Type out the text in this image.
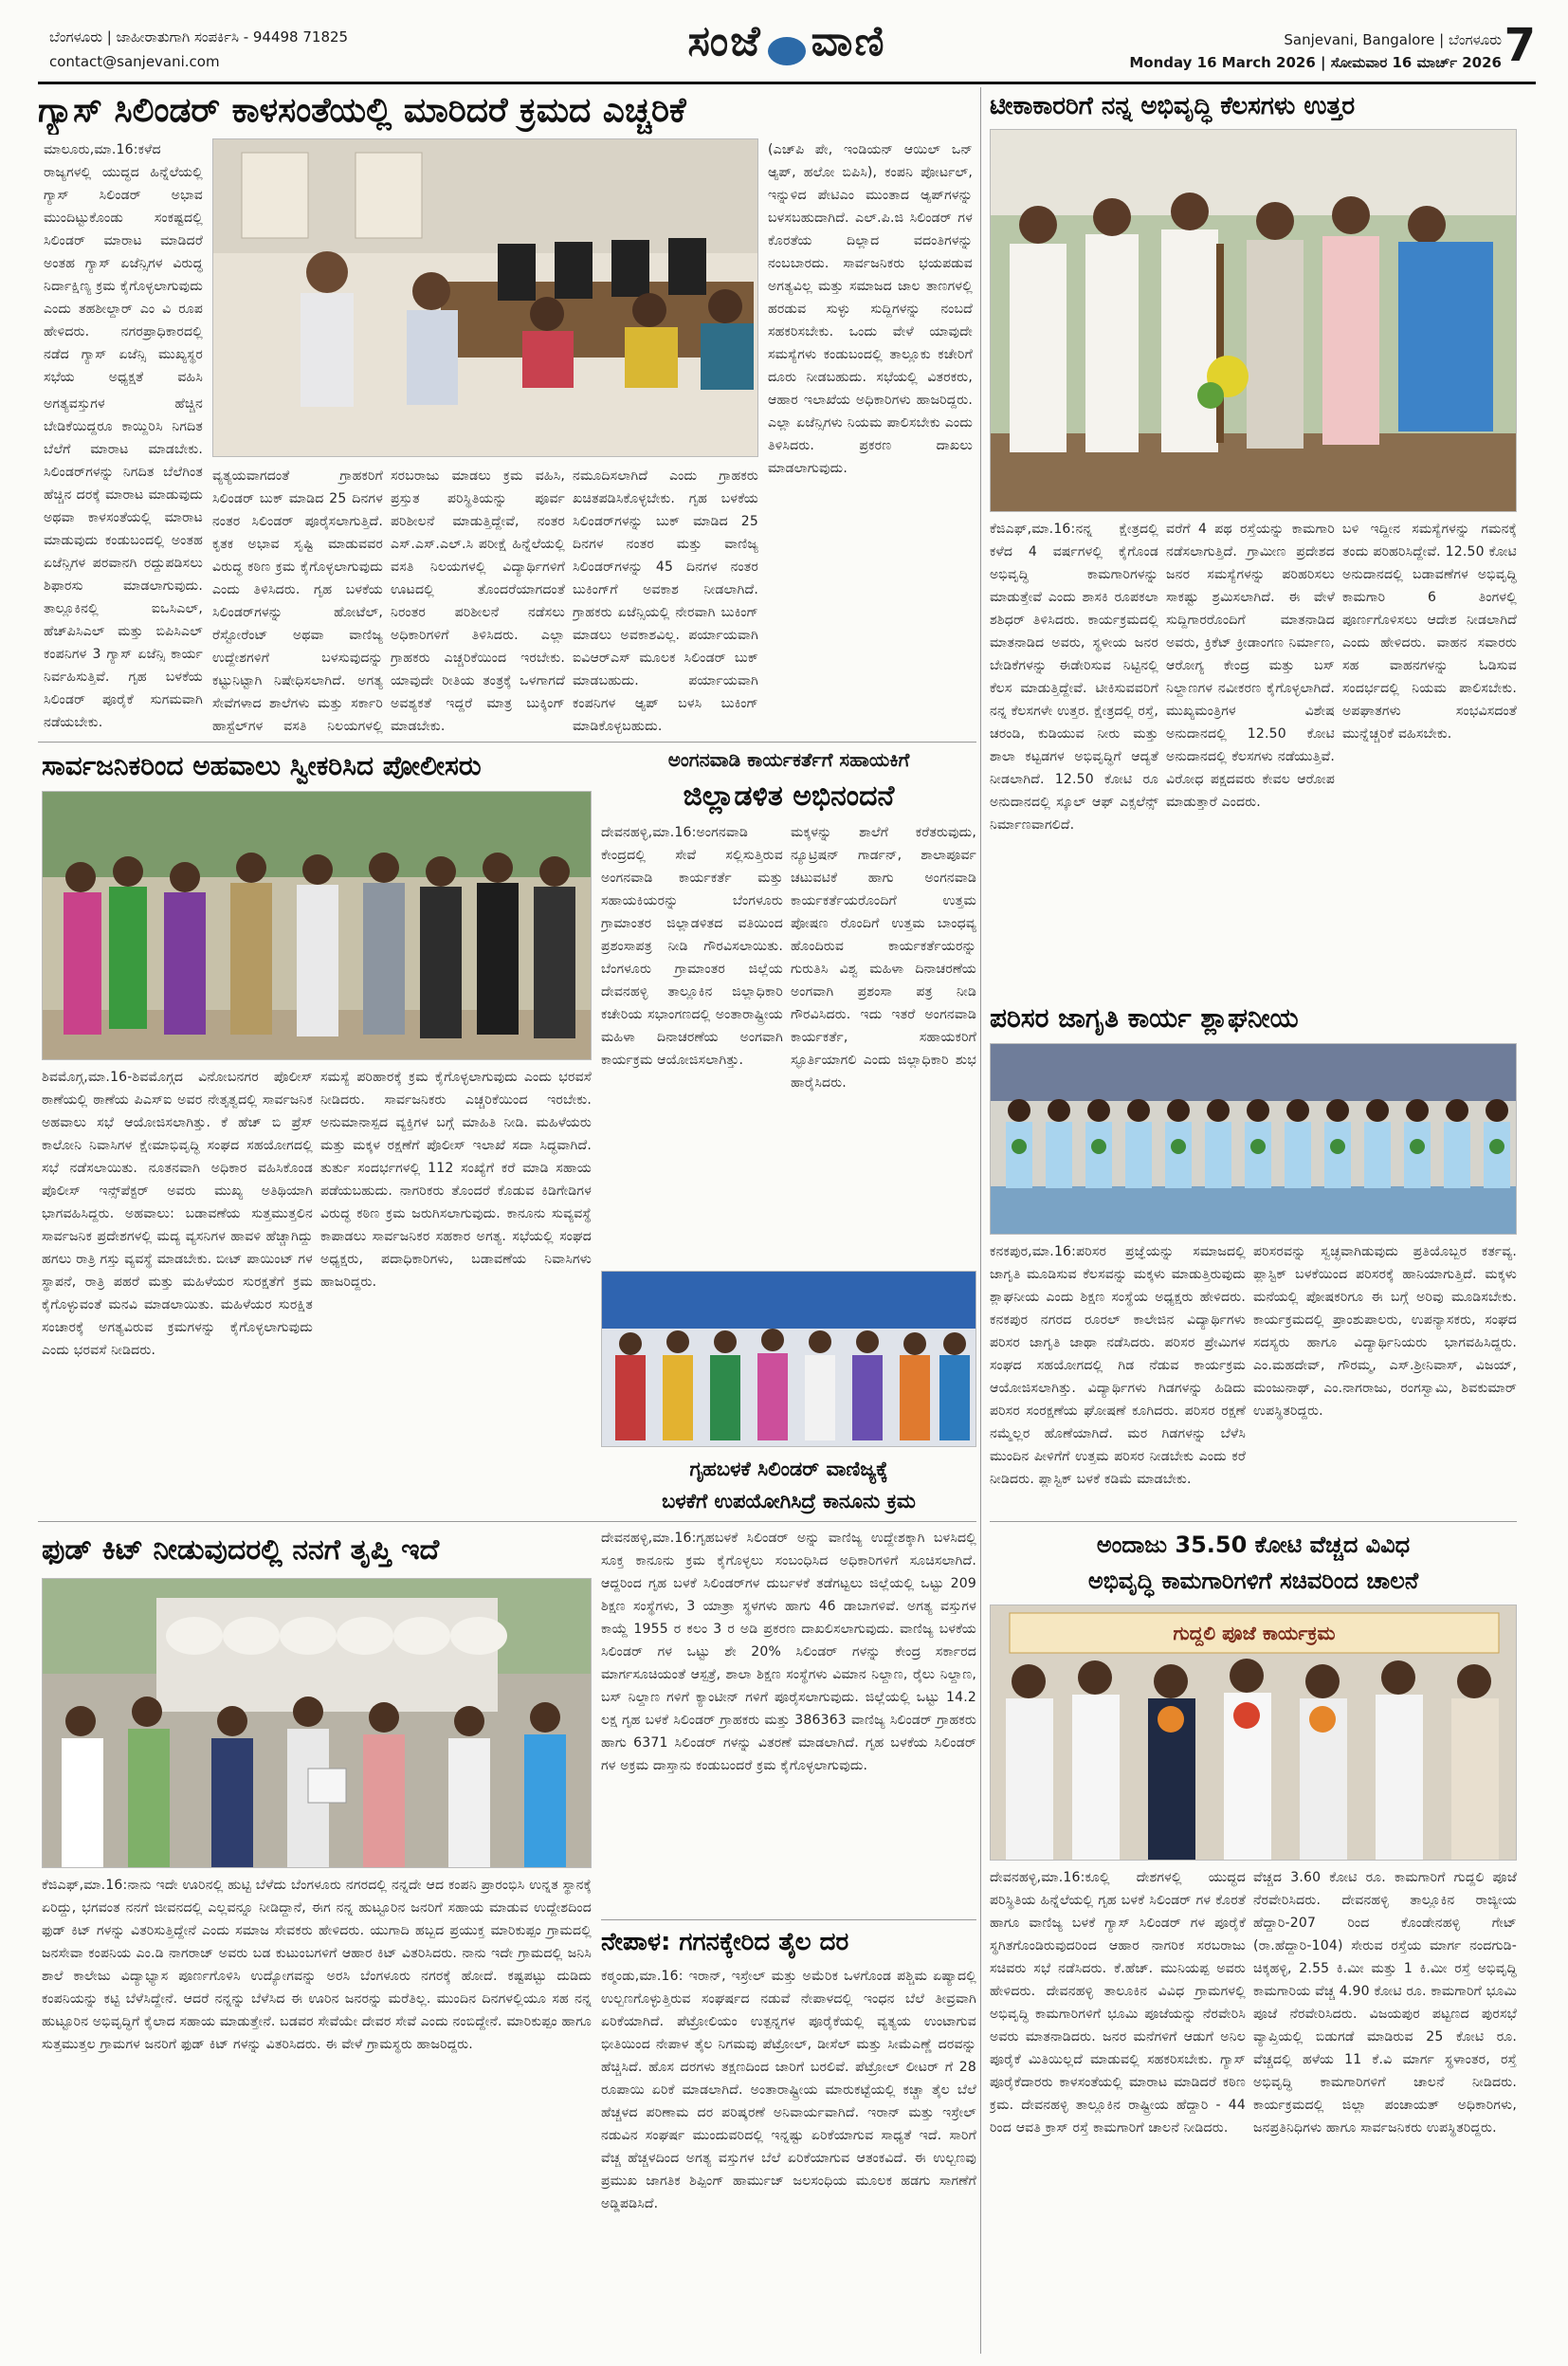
ಬೆಂಗಳೂರು | ಜಾಹೀರಾತುಗಾಗಿ ಸಂಪರ್ಕಿಸಿ - 94498 71825
contact@sanjevani.com	ಸಂಜೆ ವಾಣಿ	Sanjevani, Bangalore | ಬೆಂಗಳೂರು
Monday 16 March 2026 | ಸೋಮವಾರ 16 ಮಾರ್ಚ್ 2026 7
ಗ್ಯಾಸ್ ಸಿಲಿಂಡರ್ ಕಾಳಸಂತೆಯಲ್ಲಿ ಮಾರಿದರೆ ಕ್ರಮದ ಎಚ್ಚರಿಕೆ
ಮಾಲೂರು,ಮಾ.16:ಕಳೆದ ರಾಜ್ಯಗಳಲ್ಲಿ ಯುದ್ಧದ ಹಿನ್ನೆಲೆಯಲ್ಲಿ ಗ್ಯಾಸ್ ಸಿಲಿಂಡರ್ ಅಭಾವ ಮುಂದಿಟ್ಟುಕೊಂಡು ಸಂಕಷ್ಟದಲ್ಲಿ ಸಿಲಿಂಡರ್ ಮಾರಾಟ ಮಾಡಿದರೆ ಅಂತಹ ಗ್ಯಾಸ್ ಏಜೆನ್ಸಿಗಳ ವಿರುದ್ಧ ನಿರ್ದಾಕ್ಷಿಣ್ಯ ಕ್ರಮ ಕೈಗೊಳ್ಳಲಾಗುವುದು ಎಂದು ತಹಶೀಲ್ದಾರ್ ಎಂ ವಿ ರೂಪ ಹೇಳಿದರು. ನಗರಪ್ರಾಧಿಕಾರದಲ್ಲಿ ನಡೆದ ಗ್ಯಾಸ್ ಏಜೆನ್ಸಿ ಮುಖ್ಯಸ್ಥರ ಸಭೆಯ ಅಧ್ಯಕ್ಷತೆ ವಹಿಸಿ
ಅಗತ್ಯವಸ್ತುಗಳ ಹೆಚ್ಚಿನ ಬೇಡಿಕೆಯಿದ್ದರೂ ಕಾಯ್ದಿರಿಸಿ ನಿಗದಿತ ಬೆಲೆಗೆ ಮಾರಾಟ ಮಾಡಬೇಕು. ಸಿಲಿಂಡರ್‌ಗಳನ್ನು ನಿಗದಿತ ಬೆಲೆಗಿಂತ ಹೆಚ್ಚಿನ ದರಕ್ಕೆ ಮಾರಾಟ ಮಾಡುವುದು ಅಥವಾ ಕಾಳಸಂತೆಯಲ್ಲಿ ಮಾರಾಟ ಮಾಡುವುದು ಕಂಡುಬಂದಲ್ಲಿ ಅಂತಹ ಏಜೆನ್ಸಿಗಳ ಪರವಾನಗಿ ರದ್ದುಪಡಿಸಲು ಶಿಫಾರಸು ಮಾಡಲಾಗುವುದು. ತಾಲ್ಲೂಕಿನಲ್ಲಿ ಐಒಸಿಎಲ್, ಹೆಚ್‌ಪಿಸಿಎಲ್ ಮತ್ತು ಬಿಪಿಸಿಎಲ್ ಕಂಪನಿಗಳ 3 ಗ್ಯಾಸ್ ಏಜೆನ್ಸಿ ಕಾರ್ಯ ನಿರ್ವಹಿಸುತ್ತಿವೆ. ಗೃಹ ಬಳಕೆಯ ಸಿಲಿಂಡರ್ ಪೂರೈಕೆ ಸುಗಮವಾಗಿ ನಡೆಯಬೇಕು.
ವ್ಯತ್ಯಯವಾಗದಂತೆ ಗ್ರಾಹಕರಿಗೆ ಸಿಲಿಂಡರ್ ಬುಕ್ ಮಾಡಿದ 25 ದಿನಗಳ ನಂತರ ಸಿಲಿಂಡರ್ ಪೂರೈಸಲಾಗುತ್ತಿದೆ. ಕೃತಕ ಅಭಾವ ಸೃಷ್ಟಿ ಮಾಡುವವರ ವಿರುದ್ಧ ಕಠಿಣ ಕ್ರಮ ಕೈಗೊಳ್ಳಲಾಗುವುದು ಎಂದು ತಿಳಿಸಿದರು. ಗೃಹ ಬಳಕೆಯ ಸಿಲಿಂಡರ್‌ಗಳನ್ನು ಹೋಟೆಲ್, ರೆಸ್ಟೋರೆಂಟ್ ಅಥವಾ ವಾಣಿಜ್ಯ ಉದ್ದೇಶಗಳಿಗೆ ಬಳಸುವುದನ್ನು ಕಟ್ಟುನಿಟ್ಟಾಗಿ ನಿಷೇಧಿಸಲಾಗಿದೆ. ಅಗತ್ಯ ಸೇವೆಗಳಾದ ಶಾಲೆಗಳು ಮತ್ತು ಸರ್ಕಾರಿ ಹಾಸ್ಟೆಲ್‌ಗಳ ವಸತಿ ನಿಲಯಗಳಲ್ಲಿ
ಸರಬರಾಜು ಮಾಡಲು ಕ್ರಮ ವಹಿಸಿ, ಪ್ರಸ್ತುತ ಪರಿಸ್ಥಿತಿಯನ್ನು ಪೂರ್ವ ಪರಿಶೀಲನೆ ಮಾಡುತ್ತಿದ್ದೇವೆ, ನಂತರ ಎಸ್.ಎಸ್.ಎಲ್.ಸಿ ಪರೀಕ್ಷೆ ಹಿನ್ನೆಲೆಯಲ್ಲಿ ವಸತಿ ನಿಲಯಗಳಲ್ಲಿ ವಿದ್ಯಾರ್ಥಿಗಳಿಗೆ ಊಟದಲ್ಲಿ ತೊಂದರೆಯಾಗದಂತೆ ನಿರಂತರ ಪರಿಶೀಲನೆ ನಡೆಸಲು ಅಧಿಕಾರಿಗಳಿಗೆ ತಿಳಿಸಿದರು. ಎಲ್ಲಾ ಗ್ರಾಹಕರು ಎಚ್ಚರಿಕೆಯಿಂದ ಇರಬೇಕು. ಯಾವುದೇ ರೀತಿಯ ತಂತ್ರಕ್ಕೆ ಒಳಗಾಗದೆ ಅವಶ್ಯಕತೆ ಇದ್ದರೆ ಮಾತ್ರ ಬುಕ್ಕಿಂಗ್ ಮಾಡಬೇಕು.
ನಮೂದಿಸಲಾಗಿದೆ ಎಂದು ಗ್ರಾಹಕರು ಖಚಿತಪಡಿಸಿಕೊಳ್ಳಬೇಕು. ಗೃಹ ಬಳಕೆಯ ಸಿಲಿಂಡರ್‌ಗಳನ್ನು ಬುಕ್ ಮಾಡಿದ 25 ದಿನಗಳ ನಂತರ ಮತ್ತು ವಾಣಿಜ್ಯ ಸಿಲಿಂಡರ್‌ಗಳನ್ನು 45 ದಿನಗಳ ನಂತರ ಬುಕಿಂಗ್‌ಗೆ ಅವಕಾಶ ನೀಡಲಾಗಿದೆ. ಗ್ರಾಹಕರು ಏಜೆನ್ಸಿಯಲ್ಲಿ ನೇರವಾಗಿ ಬುಕಿಂಗ್ ಮಾಡಲು ಅವಕಾಶವಿಲ್ಲ. ಪರ್ಯಾಯವಾಗಿ ಐವಿಆರ್‌ಎಸ್ ಮೂಲಕ ಸಿಲಿಂಡರ್ ಬುಕ್ ಮಾಡಬಹುದು. ಪರ್ಯಾಯವಾಗಿ ಕಂಪನಿಗಳ ಆ್ಯಪ್ ಬಳಸಿ ಬುಕಿಂಗ್ ಮಾಡಿಕೊಳ್ಳಬಹುದು.
(ಎಚ್‌ಪಿ ಪೇ, ಇಂಡಿಯನ್ ಆಯಿಲ್ ಒನ್ ಆ್ಯಪ್, ಹಲೋ ಬಿಪಿಸಿ), ಕಂಪನಿ ಪೋರ್ಟಲ್, ಇನ್ನುಳಿದ ಪೇಟಿಎಂ ಮುಂತಾದ ಆ್ಯಪ್‌ಗಳನ್ನು ಬಳಸಬಹುದಾಗಿದೆ. ಎಲ್.ಪಿ.ಜಿ ಸಿಲಿಂಡರ್ ಗಳ ಕೊರತೆಯ ದಿಲ್ಲಾದ ವದಂತಿಗಳನ್ನು ನಂಬಬಾರದು. ಸಾರ್ವಜನಿಕರು ಭಯಪಡುವ ಅಗತ್ಯವಿಲ್ಲ ಮತ್ತು ಸಮಾಜದ ಜಾಲ ತಾಣಗಳಲ್ಲಿ ಹರಡುವ ಸುಳ್ಳು ಸುದ್ದಿಗಳನ್ನು ನಂಬದೆ ಸಹಕರಿಸಬೇಕು. ಒಂದು ವೇಳೆ ಯಾವುದೇ ಸಮಸ್ಯೆಗಳು ಕಂಡುಬಂದಲ್ಲಿ ತಾಲ್ಲೂಕು ಕಚೇರಿಗೆ ದೂರು ನೀಡಬಹುದು. ಸಭೆಯಲ್ಲಿ ವಿತರಕರು, ಆಹಾರ ಇಲಾಖೆಯ ಅಧಿಕಾರಿಗಳು ಹಾಜರಿದ್ದರು. ಎಲ್ಲಾ ಏಜೆನ್ಸಿಗಳು ನಿಯಮ ಪಾಲಿಸಬೇಕು ಎಂದು ತಿಳಿಸಿದರು. ಪ್ರಕರಣ ದಾಖಲು ಮಾಡಲಾಗುವುದು.
ಟೀಕಾಕಾರರಿಗೆ ನನ್ನ ಅಭಿವೃದ್ಧಿ ಕೆಲಸಗಳು ಉತ್ತರ
ಕೆಜಿಎಫ್,ಮಾ.16:ನನ್ನ ಕ್ಷೇತ್ರದಲ್ಲಿ ಕಳೆದ 4 ವರ್ಷಗಳಲ್ಲಿ ಕೈಗೊಂಡ ಅಭಿವೃದ್ಧಿ ಕಾಮಗಾರಿಗಳನ್ನು ಮಾಡುತ್ತೇವೆ ಎಂದು ಶಾಸಕಿ ರೂಪಕಲಾ ಶಶಿಧರ್ ತಿಳಿಸಿದರು. ಕಾರ್ಯಕ್ರಮದಲ್ಲಿ ಮಾತನಾಡಿದ ಅವರು, ಸ್ಥಳೀಯ ಜನರ ಬೇಡಿಕೆಗಳನ್ನು ಈಡೇರಿಸುವ ನಿಟ್ಟಿನಲ್ಲಿ ಕೆಲಸ ಮಾಡುತ್ತಿದ್ದೇವೆ. ಟೀಕಿಸುವವರಿಗೆ ನನ್ನ ಕೆಲಸಗಳೇ ಉತ್ತರ. ಕ್ಷೇತ್ರದಲ್ಲಿ ರಸ್ತೆ, ಚರಂಡಿ, ಕುಡಿಯುವ ನೀರು ಮತ್ತು ಶಾಲಾ ಕಟ್ಟಡಗಳ ಅಭಿವೃದ್ಧಿಗೆ ಆದ್ಯತೆ ನೀಡಲಾಗಿದೆ. 12.50 ಕೋಟಿ ರೂ ಅನುದಾನದಲ್ಲಿ ಸ್ಕೂಲ್ ಆಫ್ ಎಕ್ಸಲೆನ್ಸ್ ನಿರ್ಮಾಣವಾಗಲಿದೆ.
ವರೆಗೆ 4 ಪಥ ರಸ್ತೆಯನ್ನು ಕಾಮಗಾರಿ ನಡೆಸಲಾಗುತ್ತಿದೆ. ಗ್ರಾಮೀಣ ಪ್ರದೇಶದ ಜನರ ಸಮಸ್ಯೆಗಳನ್ನು ಪರಿಹರಿಸಲು ಸಾಕಷ್ಟು ಶ್ರಮಿಸಲಾಗಿದೆ. ಈ ವೇಳೆ ಸುದ್ದಿಗಾರರೊಂದಿಗೆ ಮಾತನಾಡಿದ ಅವರು, ಕ್ರಿಕೆಟ್ ಕ್ರೀಡಾಂಗಣ ನಿರ್ಮಾಣ, ಆರೋಗ್ಯ ಕೇಂದ್ರ ಮತ್ತು ಬಸ್ ನಿಲ್ದಾಣಗಳ ನವೀಕರಣ ಕೈಗೊಳ್ಳಲಾಗಿದೆ. ಮುಖ್ಯಮಂತ್ರಿಗಳ ವಿಶೇಷ ಅನುದಾನದಲ್ಲಿ 12.50 ಕೋಟಿ ಅನುದಾನದಲ್ಲಿ ಕೆಲಸಗಳು ನಡೆಯುತ್ತಿವೆ. ವಿರೋಧ ಪಕ್ಷದವರು ಕೇವಲ ಆರೋಪ ಮಾಡುತ್ತಾರೆ ಎಂದರು.
ಬಳಿ ಇದ್ದೀನ ಸಮಸ್ಯೆಗಳನ್ನು ಗಮನಕ್ಕೆ ತಂದು ಪರಿಹರಿಸಿದ್ದೇವೆ. 12.50 ಕೋಟಿ ಅನುದಾನದಲ್ಲಿ ಬಡಾವಣೆಗಳ ಅಭಿವೃದ್ಧಿ ಕಾಮಗಾರಿ 6 ತಿಂಗಳಲ್ಲಿ ಪೂರ್ಣಗೊಳಿಸಲು ಆದೇಶ ನೀಡಲಾಗಿದೆ ಎಂದು ಹೇಳಿದರು. ವಾಹನ ಸವಾರರು ಸಹ ವಾಹನಗಳನ್ನು ಓಡಿಸುವ ಸಂದರ್ಭದಲ್ಲಿ ನಿಯಮ ಪಾಲಿಸಬೇಕು. ಅಪಘಾತಗಳು ಸಂಭವಿಸದಂತೆ ಮುನ್ನೆಚ್ಚರಿಕೆ ವಹಿಸಬೇಕು.
ಸಾರ್ವಜನಿಕರಿಂದ ಅಹವಾಲು ಸ್ವೀಕರಿಸಿದ ಪೋಲೀಸರು
ಶಿವಮೊಗ್ಗ,ಮಾ.16-ಶಿವಮೊಗ್ಗದ ವಿನೋಬನಗರ ಪೊಲೀಸ್ ಠಾಣೆಯಲ್ಲಿ ಠಾಣೆಯ ಪಿಎಸ್ಐ ಅವರ ನೇತೃತ್ವದಲ್ಲಿ ಸಾರ್ವಜನಿಕ ಅಹವಾಲು ಸಭೆ ಆಯೋಜಿಸಲಾಗಿತ್ತು. ಕೆ ಹೆಚ್ ಬಿ ಪ್ರೆಸ್ ಕಾಲೋನಿ ನಿವಾಸಿಗಳ ಕ್ಷೇಮಾಭಿವೃದ್ಧಿ ಸಂಘದ ಸಹಯೋಗದಲ್ಲಿ ಸಭೆ ನಡೆಸಲಾಯಿತು. ನೂತನವಾಗಿ ಅಧಿಕಾರ ವಹಿಸಿಕೊಂಡ ಪೊಲೀಸ್ ಇನ್ಸ್‌ಪೆಕ್ಟರ್ ಅವರು ಮುಖ್ಯ ಅತಿಥಿಯಾಗಿ ಭಾಗವಹಿಸಿದ್ದರು. ಅಹವಾಲು: ಬಡಾವಣೆಯ ಸುತ್ತಮುತ್ತಲಿನ ಸಾರ್ವಜನಿಕ ಪ್ರದೇಶಗಳಲ್ಲಿ ಮದ್ಯ ವ್ಯಸನಿಗಳ ಹಾವಳಿ ಹೆಚ್ಚಾಗಿದ್ದು ಹಗಲು ರಾತ್ರಿ ಗಸ್ತು ವ್ಯವಸ್ಥೆ ಮಾಡಬೇಕು. ಬೀಟ್ ಪಾಯಿಂಟ್ ಗಳ ಸ್ಥಾಪನೆ, ರಾತ್ರಿ ಪಹರೆ ಮತ್ತು ಮಹಿಳೆಯರ ಸುರಕ್ಷತೆಗೆ ಕ್ರಮ ಕೈಗೊಳ್ಳುವಂತೆ ಮನವಿ ಮಾಡಲಾಯಿತು. ಮಹಿಳೆಯರ ಸುರಕ್ಷಿತ ಸಂಚಾರಕ್ಕೆ ಅಗತ್ಯವಿರುವ ಕ್ರಮಗಳನ್ನು ಕೈಗೊಳ್ಳಲಾಗುವುದು ಎಂದು ಭರವಸೆ ನೀಡಿದರು.
ಸಮಸ್ಯೆ ಪರಿಹಾರಕ್ಕೆ ಕ್ರಮ ಕೈಗೊಳ್ಳಲಾಗುವುದು ಎಂದು ಭರವಸೆ ನೀಡಿದರು. ಸಾರ್ವಜನಿಕರು ಎಚ್ಚರಿಕೆಯಿಂದ ಇರಬೇಕು. ಅನುಮಾನಾಸ್ಪದ ವ್ಯಕ್ತಿಗಳ ಬಗ್ಗೆ ಮಾಹಿತಿ ನೀಡಿ. ಮಹಿಳೆಯರು ಮತ್ತು ಮಕ್ಕಳ ರಕ್ಷಣೆಗೆ ಪೊಲೀಸ್ ಇಲಾಖೆ ಸದಾ ಸಿದ್ಧವಾಗಿದೆ. ತುರ್ತು ಸಂದರ್ಭಗಳಲ್ಲಿ 112 ಸಂಖ್ಯೆಗೆ ಕರೆ ಮಾಡಿ ಸಹಾಯ ಪಡೆಯಬಹುದು. ನಾಗರಿಕರು ತೊಂದರೆ ಕೊಡುವ ಕಿಡಿಗೇಡಿಗಳ ವಿರುದ್ಧ ಕಠಿಣ ಕ್ರಮ ಜರುಗಿಸಲಾಗುವುದು. ಕಾನೂನು ಸುವ್ಯವಸ್ಥೆ ಕಾಪಾಡಲು ಸಾರ್ವಜನಿಕರ ಸಹಕಾರ ಅಗತ್ಯ. ಸಭೆಯಲ್ಲಿ ಸಂಘದ ಅಧ್ಯಕ್ಷರು, ಪದಾಧಿಕಾರಿಗಳು, ಬಡಾವಣೆಯ ನಿವಾಸಿಗಳು ಹಾಜರಿದ್ದರು.
ಅಂಗನವಾಡಿ ಕಾರ್ಯಕರ್ತೆಗೆ ಸಹಾಯಕಿಗೆ
ಜಿಲ್ಲಾಡಳಿತ ಅಭಿನಂದನೆ
ದೇವನಹಳ್ಳಿ,ಮಾ.16:ಅಂಗನವಾಡಿ ಕೇಂದ್ರದಲ್ಲಿ ಸೇವೆ ಸಲ್ಲಿಸುತ್ತಿರುವ ಅಂಗನವಾಡಿ ಕಾರ್ಯಕರ್ತೆ ಮತ್ತು ಸಹಾಯಕಿಯರನ್ನು ಬೆಂಗಳೂರು ಗ್ರಾಮಾಂತರ ಜಿಲ್ಲಾಡಳಿತದ ವತಿಯಿಂದ ಪ್ರಶಂಸಾಪತ್ರ ನೀಡಿ ಗೌರವಿಸಲಾಯಿತು. ಬೆಂಗಳೂರು ಗ್ರಾಮಾಂತರ ಜಿಲ್ಲೆಯ ದೇವನಹಳ್ಳಿ ತಾಲ್ಲೂಕಿನ ಜಿಲ್ಲಾಧಿಕಾರಿ ಕಚೇರಿಯ ಸಭಾಂಗಣದಲ್ಲಿ ಅಂತಾರಾಷ್ಟ್ರೀಯ ಮಹಿಳಾ ದಿನಾಚರಣೆಯ ಅಂಗವಾಗಿ ಕಾರ್ಯಕ್ರಮ ಆಯೋಜಿಸಲಾಗಿತ್ತು.
ಮಕ್ಕಳನ್ನು ಶಾಲೆಗೆ ಕರೆತರುವುದು, ನ್ಯೂಟ್ರಿಷನ್ ಗಾರ್ಡನ್, ಶಾಲಾಪೂರ್ವ ಚಟುವಟಿಕೆ ಹಾಗು ಅಂಗನವಾಡಿ ಕಾರ್ಯಕರ್ತೆಯರೊಂದಿಗೆ ಉತ್ತಮ ಪೋಷಣ ರೊಂದಿಗೆ ಉತ್ತಮ ಬಾಂಧವ್ಯ ಹೊಂದಿರುವ ಕಾರ್ಯಕರ್ತೆಯರನ್ನು ಗುರುತಿಸಿ ವಿಶ್ವ ಮಹಿಳಾ ದಿನಾಚರಣೆಯ ಅಂಗವಾಗಿ ಪ್ರಶಂಸಾ ಪತ್ರ ನೀಡಿ ಗೌರವಿಸಿದರು. ಇದು ಇತರೆ ಅಂಗನವಾಡಿ ಕಾರ್ಯಕರ್ತೆ, ಸಹಾಯಕರಿಗೆ ಸ್ಫೂರ್ತಿಯಾಗಲಿ ಎಂದು ಜಿಲ್ಲಾಧಿಕಾರಿ ಶುಭ ಹಾರೈಸಿದರು.
ಗೃಹಬಳಕೆ ಸಿಲಿಂಡರ್ ವಾಣಿಜ್ಯಕ್ಕೆ
ಬಳಕೆಗೆ ಉಪಯೋಗಿಸಿದ್ರೆ ಕಾನೂನು ಕ್ರಮ
ದೇವನಹಳ್ಳಿ,ಮಾ.16:ಗೃಹಬಳಕೆ ಸಿಲಿಂಡರ್ ಅನ್ನು ವಾಣಿಜ್ಯ ಉದ್ದೇಶಕ್ಕಾಗಿ ಬಳಸಿದಲ್ಲಿ ಸೂಕ್ತ ಕಾನೂನು ಕ್ರಮ ಕೈಗೊಳ್ಳಲು ಸಂಬಂಧಿಸಿದ ಅಧಿಕಾರಿಗಳಿಗೆ ಸೂಚಿಸಲಾಗಿದೆ. ಆದ್ದರಿಂದ ಗೃಹ ಬಳಕೆ ಸಿಲಿಂಡರ್‌ಗಳ ದುರ್ಬಳಕೆ ತಡೆಗಟ್ಟಲು ಜಿಲ್ಲೆಯಲ್ಲಿ ಒಟ್ಟು 209 ಶಿಕ್ಷಣ ಸಂಸ್ಥೆಗಳು, 3 ಯಾತ್ರಾ ಸ್ಥಳಗಳು ಹಾಗು 46 ಡಾಬಾಗಳಿವೆ. ಅಗತ್ಯ ವಸ್ತುಗಳ ಕಾಯ್ದೆ 1955 ರ ಕಲಂ 3 ರ ಅಡಿ ಪ್ರಕರಣ ದಾಖಲಿಸಲಾಗುವುದು. ವಾಣಿಜ್ಯ ಬಳಕೆಯ ಸಿಲಿಂಡರ್ ಗಳ ಒಟ್ಟು ಶೇ 20% ಸಿಲಿಂಡರ್ ಗಳನ್ನು ಕೇಂದ್ರ ಸರ್ಕಾರದ ಮಾರ್ಗಸೂಚಿಯಂತೆ ಆಸ್ಪತ್ರೆ, ಶಾಲಾ ಶಿಕ್ಷಣ ಸಂಸ್ಥೆಗಳು ವಿಮಾನ ನಿಲ್ದಾಣ, ರೈಲು ನಿಲ್ದಾಣ, ಬಸ್ ನಿಲ್ದಾಣ ಗಳಿಗೆ ಕ್ಯಾಂಟೀನ್ ಗಳಿಗೆ ಪೂರೈಸಲಾಗುವುದು. ಜಿಲ್ಲೆಯಲ್ಲಿ ಒಟ್ಟು 14.2 ಲಕ್ಷ ಗೃಹ ಬಳಕೆ ಸಿಲಿಂಡರ್ ಗ್ರಾಹಕರು ಮತ್ತು 386363 ವಾಣಿಜ್ಯ ಸಿಲಿಂಡರ್ ಗ್ರಾಹಕರು ಹಾಗು 6371 ಸಿಲಿಂಡರ್ ಗಳನ್ನು ವಿತರಣೆ ಮಾಡಲಾಗಿದೆ. ಗೃಹ ಬಳಕೆಯ ಸಿಲಿಂಡರ್ ಗಳ ಅಕ್ರಮ ದಾಸ್ತಾನು ಕಂಡುಬಂದರೆ ಕ್ರಮ ಕೈಗೊಳ್ಳಲಾಗುವುದು.
ಪರಿಸರ ಜಾಗೃತಿ ಕಾರ್ಯ ಶ್ಲಾಘನೀಯ
ಕನಕಪುರ,ಮಾ.16:ಪರಿಸರ ಪ್ರಜ್ಞೆಯನ್ನು ಸಮಾಜದಲ್ಲಿ ಜಾಗೃತಿ ಮೂಡಿಸುವ ಕೆಲಸವನ್ನು ಮಕ್ಕಳು ಮಾಡುತ್ತಿರುವುದು ಶ್ಲಾಘನೀಯ ಎಂದು ಶಿಕ್ಷಣ ಸಂಸ್ಥೆಯ ಅಧ್ಯಕ್ಷರು ಹೇಳಿದರು. ಕನಕಪುರ ನಗರದ ರೂರಲ್ ಕಾಲೇಜಿನ ವಿದ್ಯಾರ್ಥಿಗಳು ಪರಿಸರ ಜಾಗೃತಿ ಜಾಥಾ ನಡೆಸಿದರು. ಪರಿಸರ ಪ್ರೇಮಿಗಳ ಸಂಘದ ಸಹಯೋಗದಲ್ಲಿ ಗಿಡ ನೆಡುವ ಕಾರ್ಯಕ್ರಮ ಆಯೋಜಿಸಲಾಗಿತ್ತು. ವಿದ್ಯಾರ್ಥಿಗಳು ಗಿಡಗಳನ್ನು ಹಿಡಿದು ಪರಿಸರ ಸಂರಕ್ಷಣೆಯ ಘೋಷಣೆ ಕೂಗಿದರು. ಪರಿಸರ ರಕ್ಷಣೆ ನಮ್ಮೆಲ್ಲರ ಹೊಣೆಯಾಗಿದೆ. ಮರ ಗಿಡಗಳನ್ನು ಬೆಳೆಸಿ ಮುಂದಿನ ಪೀಳಿಗೆಗೆ ಉತ್ತಮ ಪರಿಸರ ನೀಡಬೇಕು ಎಂದು ಕರೆ ನೀಡಿದರು. ಪ್ಲಾಸ್ಟಿಕ್ ಬಳಕೆ ಕಡಿಮೆ ಮಾಡಬೇಕು.
ಪರಿಸರವನ್ನು ಸ್ವಚ್ಛವಾಗಿಡುವುದು ಪ್ರತಿಯೊಬ್ಬರ ಕರ್ತವ್ಯ. ಪ್ಲಾಸ್ಟಿಕ್ ಬಳಕೆಯಿಂದ ಪರಿಸರಕ್ಕೆ ಹಾನಿಯಾಗುತ್ತಿದೆ. ಮಕ್ಕಳು ಮನೆಯಲ್ಲಿ ಪೋಷಕರಿಗೂ ಈ ಬಗ್ಗೆ ಅರಿವು ಮೂಡಿಸಬೇಕು. ಕಾರ್ಯಕ್ರಮದಲ್ಲಿ ಪ್ರಾಂಶುಪಾಲರು, ಉಪನ್ಯಾಸಕರು, ಸಂಘದ ಸದಸ್ಯರು ಹಾಗೂ ವಿದ್ಯಾರ್ಥಿನಿಯರು ಭಾಗವಹಿಸಿದ್ದರು. ಎಂ.ಮಹದೇವ್, ಗೌರಮ್ಮ, ಎಸ್.ಶ್ರೀನಿವಾಸ್, ವಿಜಯ್, ಮಂಜುನಾಥ್, ಎಂ.ನಾಗರಾಜು, ರಂಗಸ್ವಾಮಿ, ಶಿವಕುಮಾರ್ ಉಪಸ್ಥಿತರಿದ್ದರು.
ಫುಡ್ ಕಿಟ್ ನೀಡುವುದರಲ್ಲಿ ನನಗೆ ತೃಪ್ತಿ ಇದೆ
ಕೆಜಿಎಫ್,ಮಾ.16:ನಾನು ಇದೇ ಊರಿನಲ್ಲಿ ಹುಟ್ಟಿ ಬೆಳೆದು ಬೆಂಗಳೂರು ನಗರದಲ್ಲಿ ನನ್ನದೇ ಆದ ಕಂಪನಿ ಪ್ರಾರಂಭಿಸಿ ಉನ್ನತ ಸ್ಥಾನಕ್ಕೆ ಏರಿದ್ದು, ಭಗವಂತ ನನಗೆ ಜೀವನದಲ್ಲಿ ಎಲ್ಲವನ್ನೂ ನೀಡಿದ್ದಾನೆ, ಈಗ ನನ್ನ ಹುಟ್ಟೂರಿನ ಜನರಿಗೆ ಸಹಾಯ ಮಾಡುವ ಉದ್ದೇಶದಿಂದ ಫುಡ್ ಕಿಟ್ ಗಳನ್ನು ವಿತರಿಸುತ್ತಿದ್ದೇನೆ ಎಂದು ಸಮಾಜ ಸೇವಕರು ಹೇಳಿದರು. ಯುಗಾದಿ ಹಬ್ಬದ ಪ್ರಯುಕ್ತ ಮಾರಿಕುಪ್ಪಂ ಗ್ರಾಮದಲ್ಲಿ ಜನಸೇವಾ ಕಂಪನಿಯ ಎಂ.ಡಿ ನಾಗರಾಜ್ ಅವರು ಬಡ ಕುಟುಂಬಗಳಿಗೆ ಆಹಾರ ಕಿಟ್ ವಿತರಿಸಿದರು. ನಾನು ಇದೇ ಗ್ರಾಮದಲ್ಲಿ ಜನಿಸಿ ಶಾಲೆ ಕಾಲೇಜು ವಿದ್ಯಾಭ್ಯಾಸ ಪೂರ್ಣಗೊಳಿಸಿ ಉದ್ಯೋಗವನ್ನು ಅರಸಿ ಬೆಂಗಳೂರು ನಗರಕ್ಕೆ ಹೋದೆ. ಕಷ್ಟಪಟ್ಟು ದುಡಿದು ಕಂಪನಿಯನ್ನು ಕಟ್ಟಿ ಬೆಳೆಸಿದ್ದೇನೆ. ಆದರೆ ನನ್ನನ್ನು ಬೆಳೆಸಿದ ಈ ಊರಿನ ಜನರನ್ನು ಮರೆತಿಲ್ಲ. ಮುಂದಿನ ದಿನಗಳಲ್ಲಿಯೂ ಸಹ ನನ್ನ ಹುಟ್ಟೂರಿನ ಅಭಿವೃದ್ಧಿಗೆ ಕೈಲಾದ ಸಹಾಯ ಮಾಡುತ್ತೇನೆ. ಬಡವರ ಸೇವೆಯೇ ದೇವರ ಸೇವೆ ಎಂದು ನಂಬಿದ್ದೇನೆ. ಮಾರಿಕುಪ್ಪಂ ಹಾಗೂ ಸುತ್ತಮುತ್ತಲ ಗ್ರಾಮಗಳ ಜನರಿಗೆ ಫುಡ್ ಕಿಟ್ ಗಳನ್ನು ವಿತರಿಸಿದರು. ಈ ವೇಳೆ ಗ್ರಾಮಸ್ಥರು ಹಾಜರಿದ್ದರು.
ನೇಪಾಳ: ಗಗನಕ್ಕೇರಿದ ತೈಲ ದರ
ಕಠ್ಮಂಡು,ಮಾ.16: ಇರಾನ್, ಇಸ್ರೇಲ್ ಮತ್ತು ಅಮೆರಿಕ ಒಳಗೊಂಡ ಪಶ್ಚಿಮ ಏಷ್ಯಾದಲ್ಲಿ ಉಲ್ಬಣಗೊಳ್ಳುತ್ತಿರುವ ಸಂಘರ್ಷದ ನಡುವೆ ನೇಪಾಳದಲ್ಲಿ ಇಂಧನ ಬೆಲೆ ತೀವ್ರವಾಗಿ ಏರಿಕೆಯಾಗಿದೆ. ಪೆಟ್ರೋಲಿಯಂ ಉತ್ಪನ್ನಗಳ ಪೂರೈಕೆಯಲ್ಲಿ ವ್ಯತ್ಯಯ ಉಂಟಾಗುವ ಭೀತಿಯಿಂದ ನೇಪಾಳ ತೈಲ ನಿಗಮವು ಪೆಟ್ರೋಲ್, ಡೀಸೆಲ್ ಮತ್ತು ಸೀಮೆಎಣ್ಣೆ ದರವನ್ನು ಹೆಚ್ಚಿಸಿದೆ. ಹೊಸ ದರಗಳು ತಕ್ಷಣದಿಂದ ಜಾರಿಗೆ ಬರಲಿವೆ. ಪೆಟ್ರೋಲ್ ಲೀಟರ್ ಗೆ 28 ರೂಪಾಯಿ ಏರಿಕೆ ಮಾಡಲಾಗಿದೆ. ಅಂತಾರಾಷ್ಟ್ರೀಯ ಮಾರುಕಟ್ಟೆಯಲ್ಲಿ ಕಚ್ಚಾ ತೈಲ ಬೆಲೆ ಹೆಚ್ಚಳದ ಪರಿಣಾಮ ದರ ಪರಿಷ್ಕರಣೆ ಅನಿವಾರ್ಯವಾಗಿದೆ. ಇರಾನ್ ಮತ್ತು ಇಸ್ರೇಲ್ ನಡುವಿನ ಸಂಘರ್ಷ ಮುಂದುವರಿದಲ್ಲಿ ಇನ್ನಷ್ಟು ಏರಿಕೆಯಾಗುವ ಸಾಧ್ಯತೆ ಇದೆ. ಸಾರಿಗೆ ವೆಚ್ಚ ಹೆಚ್ಚಳದಿಂದ ಅಗತ್ಯ ವಸ್ತುಗಳ ಬೆಲೆ ಏರಿಕೆಯಾಗುವ ಆತಂಕವಿದೆ. ಈ ಉಲ್ಬಣವು ಪ್ರಮುಖ ಜಾಗತಿಕ ಶಿಪ್ಪಿಂಗ್ ಹಾರ್ಮುಜ್ ಜಲಸಂಧಿಯ ಮೂಲಕ ಹಡಗು ಸಾಗಣೆಗೆ ಅಡ್ಡಿಪಡಿಸಿದೆ.
ಅಂದಾಜು 35.50 ಕೋಟಿ ವೆಚ್ಚದ ವಿವಿಧ
ಅಭಿವೃದ್ಧಿ ಕಾಮಗಾರಿಗಳಿಗೆ ಸಚಿವರಿಂದ ಚಾಲನೆ
ಗುದ್ದಲಿ ಪೂಜೆ ಕಾರ್ಯಕ್ರಮ
ದೇವನಹಳ್ಳಿ,ಮಾ.16:ಕೂಲ್ಲಿ ದೇಶಗಳಲ್ಲಿ ಯುದ್ಧದ ಪರಿಸ್ಥಿತಿಯ ಹಿನ್ನೆಲೆಯಲ್ಲಿ ಗೃಹ ಬಳಕೆ ಸಿಲಿಂಡರ್ ಗಳ ಕೊರತೆ ಹಾಗೂ ವಾಣಿಜ್ಯ ಬಳಕೆ ಗ್ಯಾಸ್ ಸಿಲಿಂಡರ್ ಗಳ ಪೂರೈಕೆ ಸ್ಥಗಿತಗೊಂಡಿರುವುದರಿಂದ ಆಹಾರ ನಾಗರಿಕ ಸರಬರಾಜು ಸಚಿವರು ಸಭೆ ನಡೆಸಿದರು. ಕೆ.ಹೆಚ್. ಮುನಿಯಪ್ಪ ಅವರು ಹೇಳಿದರು. ದೇವನಹಳ್ಳಿ ತಾಲೂಕಿನ ವಿವಿಧ ಗ್ರಾಮಗಳಲ್ಲಿ ಅಭಿವೃದ್ಧಿ ಕಾಮಗಾರಿಗಳಿಗೆ ಭೂಮಿ ಪೂಜೆಯನ್ನು ನೆರವೇರಿಸಿ ಅವರು ಮಾತನಾಡಿದರು. ಜನರ ಮನೆಗಳಿಗೆ ಆಡುಗೆ ಅನಿಲ ಪೂರೈಕೆ ಮಿತಿಯಿಲ್ಲದೆ ಮಾಡುವಲ್ಲಿ ಸಹಕರಿಸಬೇಕು. ಗ್ಯಾಸ್ ಪೂರೈಕೆದಾರರು ಕಾಳಸಂತೆಯಲ್ಲಿ ಮಾರಾಟ ಮಾಡಿದರೆ ಕಠಿಣ ಕ್ರಮ. ದೇವನಹಳ್ಳಿ ತಾಲ್ಲೂಕಿನ ರಾಷ್ಟ್ರೀಯ ಹೆದ್ದಾರಿ - 44 ರಿಂದ ಆವತಿ ಕ್ರಾಸ್ ರಸ್ತೆ ಕಾಮಗಾರಿಗೆ ಚಾಲನೆ ನೀಡಿದರು.
ವೆಚ್ಚದ 3.60 ಕೋಟಿ ರೂ. ಕಾಮಗಾರಿಗೆ ಗುದ್ದಲಿ ಪೂಜೆ ನೆರವೇರಿಸಿದರು. ದೇವನಹಳ್ಳಿ ತಾಲ್ಲೂಕಿನ ರಾಜ್ಯೀಯ ಹೆದ್ದಾರಿ-207 ರಿಂದ ಕೊಂಡೇನಹಳ್ಳಿ ಗೇಟ್ (ರಾ.ಹೆದ್ದಾರಿ-104) ಸೇರುವ ರಸ್ತೆಯ ಮಾರ್ಗ ನಂದಗುಡಿ-ಚಿಕ್ಕಹಳ್ಳಿ, 2.55 ಕಿ.ಮೀ ಮತ್ತು 1 ಕಿ.ಮೀ ರಸ್ತೆ ಅಭಿವೃದ್ಧಿ ಕಾಮಗಾರಿಯ ವೆಚ್ಚ 4.90 ಕೋಟಿ ರೂ. ಕಾಮಗಾರಿಗೆ ಭೂಮಿ ಪೂಜೆ ನೆರವೇರಿಸಿದರು. ವಿಜಯಪುರ ಪಟ್ಟಣದ ಪುರಸಭೆ ವ್ಯಾಪ್ತಿಯಲ್ಲಿ ಬಿಡುಗಡೆ ಮಾಡಿರುವ 25 ಕೋಟಿ ರೂ. ವೆಚ್ಚದಲ್ಲಿ ಹಳೆಯ 11 ಕೆ.ವಿ ಮಾರ್ಗ ಸ್ಥಳಾಂತರ, ರಸ್ತೆ ಅಭಿವೃದ್ಧಿ ಕಾಮಗಾರಿಗಳಿಗೆ ಚಾಲನೆ ನೀಡಿದರು. ಕಾರ್ಯಕ್ರಮದಲ್ಲಿ ಜಿಲ್ಲಾ ಪಂಚಾಯತ್ ಅಧಿಕಾರಿಗಳು, ಜನಪ್ರತಿನಿಧಿಗಳು ಹಾಗೂ ಸಾರ್ವಜನಿಕರು ಉಪಸ್ಥಿತರಿದ್ದರು.
